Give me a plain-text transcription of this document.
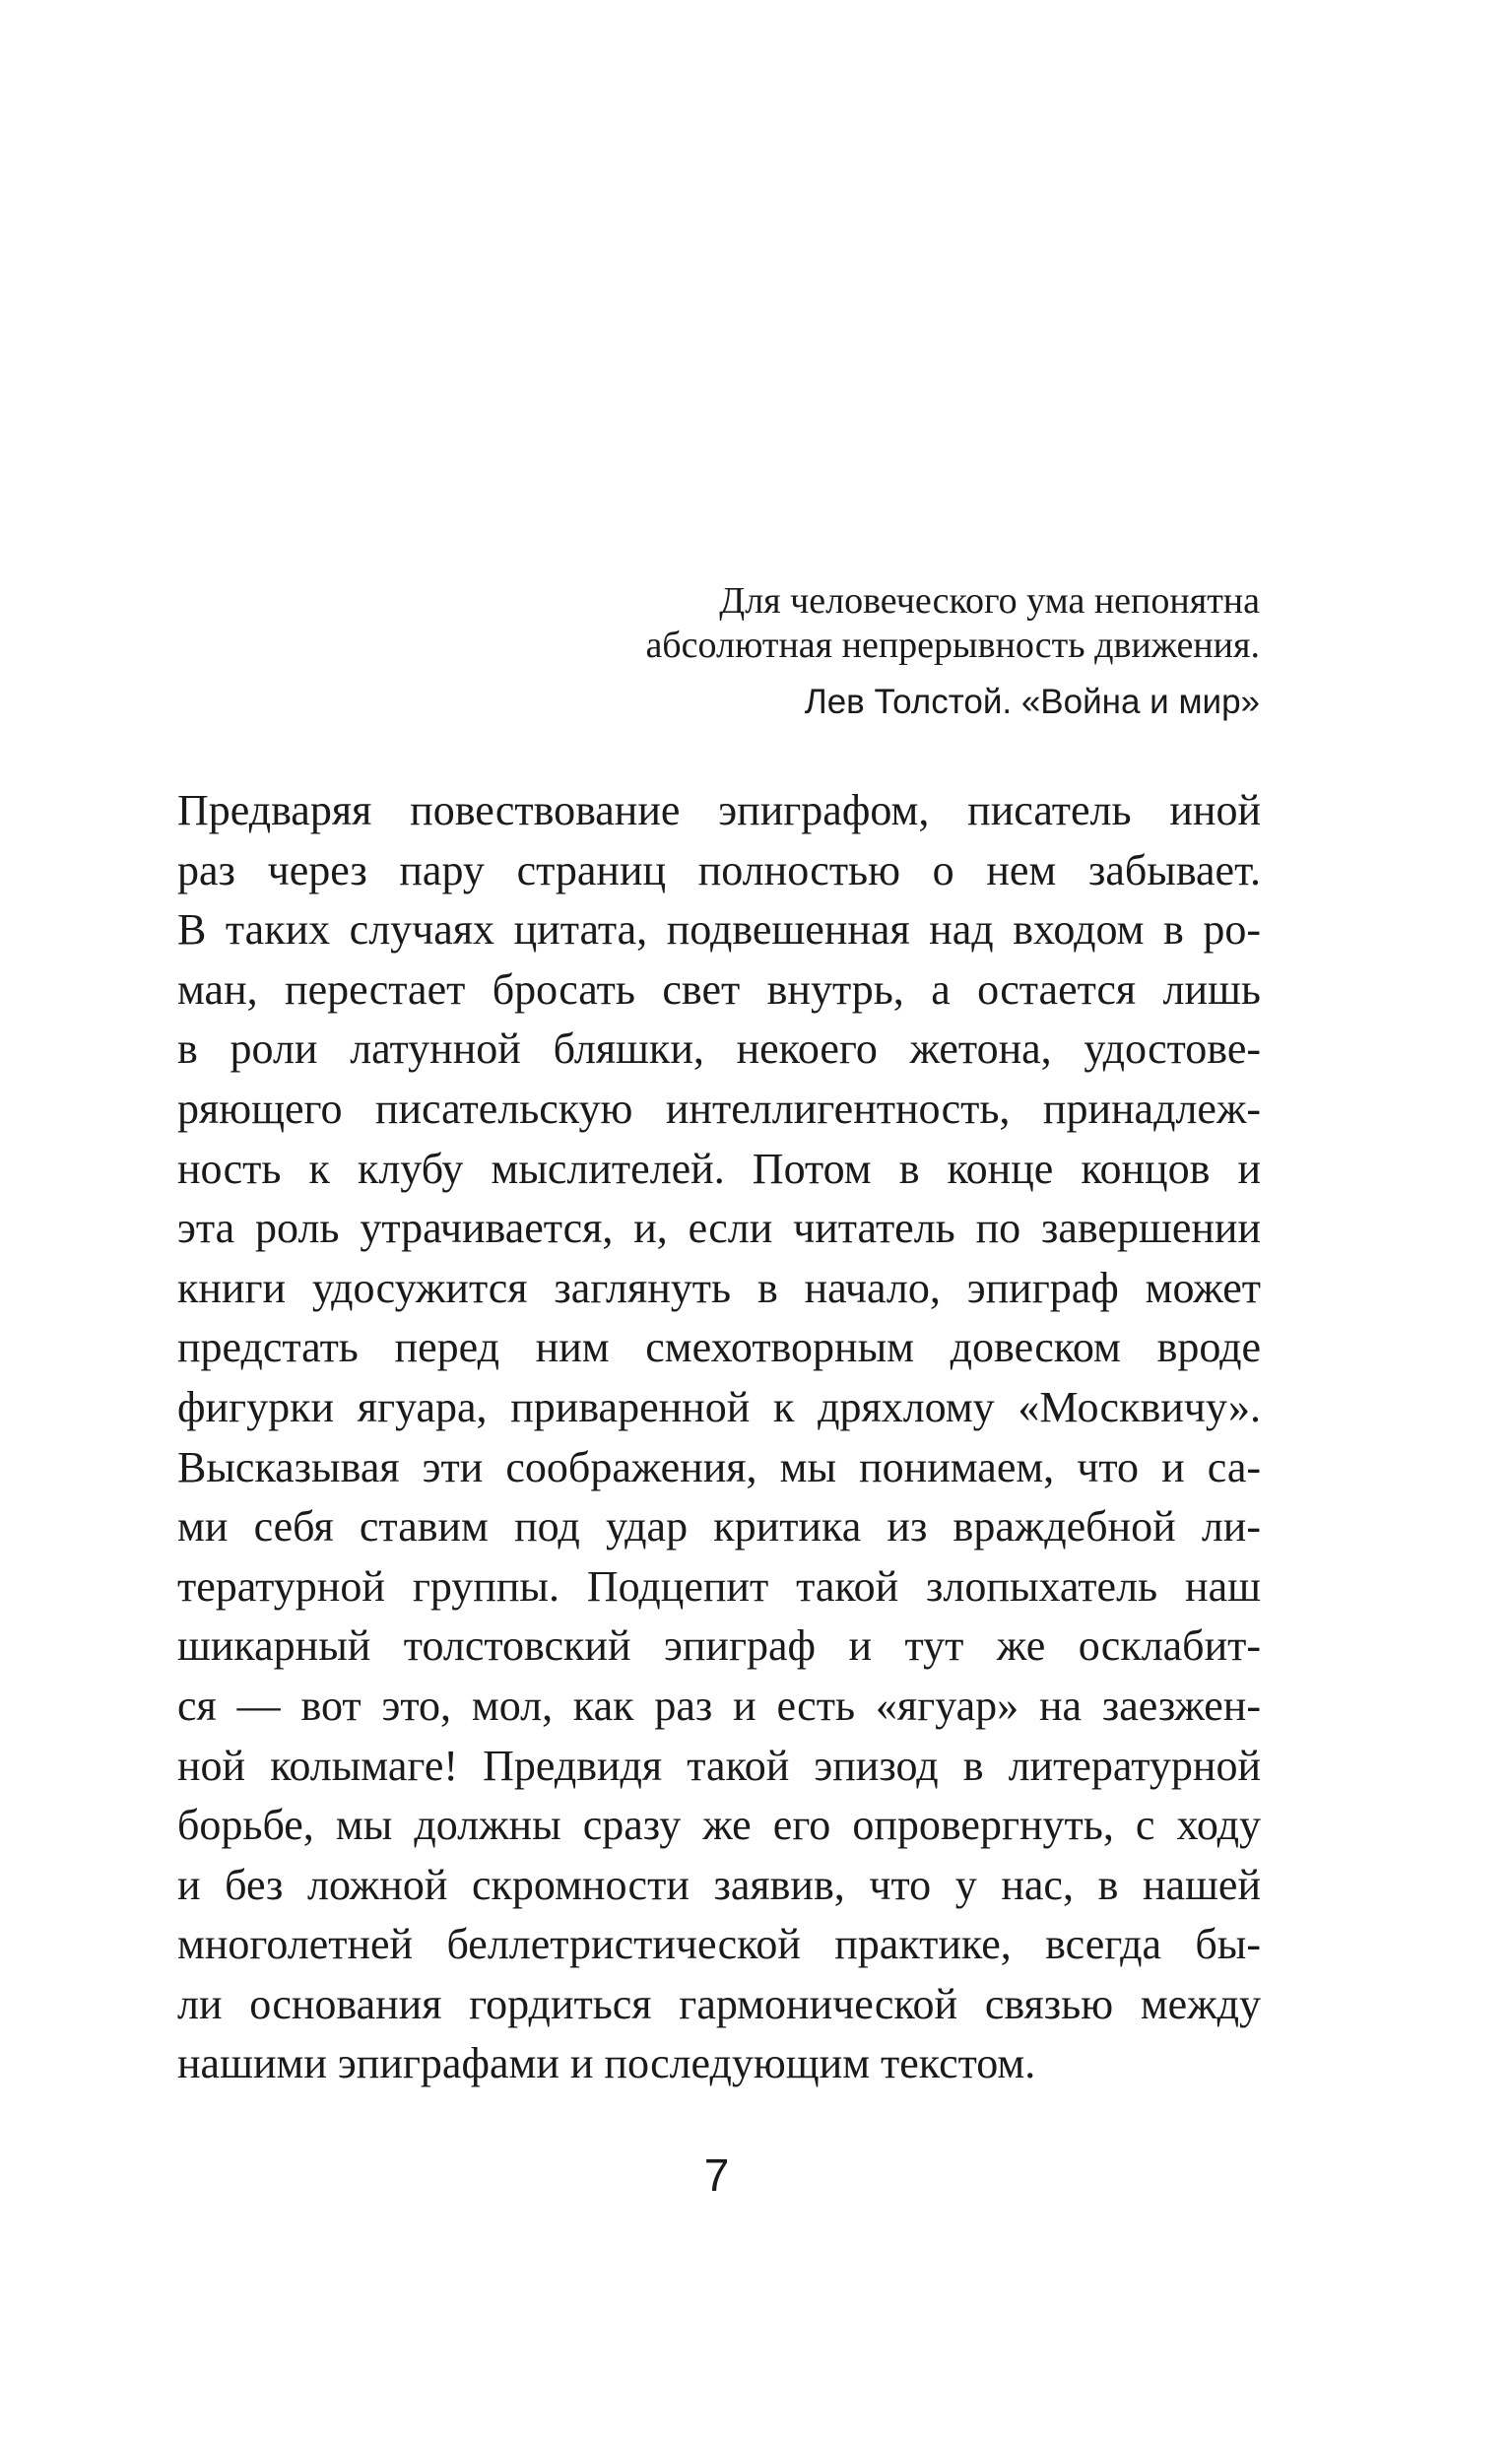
Для человеческого ума непонятна
абсолютная непрерывность движения.
Лев Толстой. «Война и мир»
Предваряя повествование эпиграфом, писатель иной
раз через пару страниц полностью о нем забывает.
В таких случаях цитата, подвешенная над входом в ро-
ман, перестает бросать свет внутрь, а остается лишь
в роли латунной бляшки, некоего жетона, удостове-
ряющего писательскую интеллигентность, принадлеж-
ность к клубу мыслителей. Потом в конце концов и
эта роль утрачивается, и, если читатель по завершении
книги удосужится заглянуть в начало, эпиграф может
предстать перед ним смехотворным довеском вроде
фигурки ягуара, приваренной к дряхлому «Москвичу».
Высказывая эти соображения, мы понимаем, что и са-
ми себя ставим под удар критика из враждебной ли-
тературной группы. Подцепит такой злопыхатель наш
шикарный толстовский эпиграф и тут же осклабит-
ся — вот это, мол, как раз и есть «ягуар» на заезжен-
ной колымаге! Предвидя такой эпизод в литературной
борьбе, мы должны сразу же его опровергнуть, с ходу
и без ложной скромности заявив, что у нас, в нашей
многолетней беллетристической практике, всегда бы-
ли основания гордиться гармонической связью между
нашими эпиграфами и последующим текстом.
7
